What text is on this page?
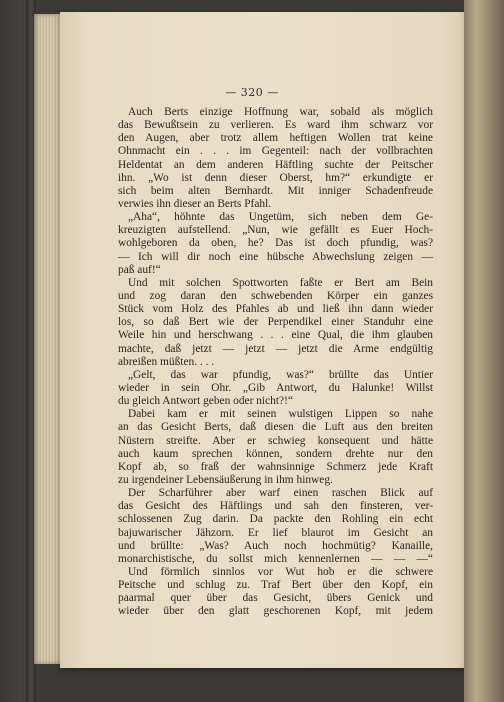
— 320 —
Auch Berts einzige Hoffnung war, sobald als möglich
das Bewußtsein zu verlieren. Es ward ihm schwarz vor
den Augen, aber trotz allem heftigen Wollen trat keine
Ohnmacht ein . . . im Gegenteil: nach der vollbrachten
Heldentat an dem anderen Häftling suchte der Peitscher
ihn. „Wo ist denn dieser Oberst, hm?“ erkundigte er
sich beim alten Bernhardt. Mit inniger Schadenfreude
verwies ihn dieser an Berts Pfahl.
„Aha“, höhnte das Ungetüm, sich neben dem Ge-
kreuzigten aufstellend. „Nun, wie gefällt es Euer Hoch-
wohlgeboren da oben, he? Das ist doch pfundig, was?
— Ich will dir noch eine hübsche Abwechslung zeigen —
paß auf!“
Und mit solchen Spottworten faßte er Bert am Bein
und zog daran den schwebenden Körper ein ganzes
Stück vom Holz des Pfahles ab und ließ ihn dann wieder
los, so daß Bert wie der Perpendikel einer Standuhr eine
Weile hin und herschwang . . . eine Qual, die ihm glauben
machte, daß jetzt — jetzt — jetzt die Arme endgültig
abreißen müßten. . . .
„Gelt, das war pfundig, was?“ brüllte das Untier
wieder in sein Ohr. „Gib Antwort, du Halunke! Willst
du gleich Antwort geben oder nicht?!“
Dabei kam er mit seinen wulstigen Lippen so nahe
an das Gesicht Berts, daß diesen die Luft aus den breiten
Nüstern streifte. Aber er schwieg konsequent und hätte
auch kaum sprechen können, sondern drehte nur den
Kopf ab, so fraß der wahnsinnige Schmerz jede Kraft
zu irgendeiner Lebensäußerung in ihm hinweg.
Der Scharführer aber warf einen raschen Blick auf
das Gesicht des Häftlings und sah den finsteren, ver-
schlossenen Zug darin. Da packte den Rohling ein echt
bajuwarischer Jähzorn. Er lief blaurot im Gesicht an
und brüllte: „Was? Auch noch hochmütig? Kanaille,
monarchistische, du sollst mich kennenlernen — — —“
Und förmlich sinnlos vor Wut hob er die schwere
Peitsche und schlug zu. Traf Bert über den Kopf, ein
paarmal quer über das Gesicht, übers Genick und
wieder über den glatt geschorenen Kopf, mit jedem
